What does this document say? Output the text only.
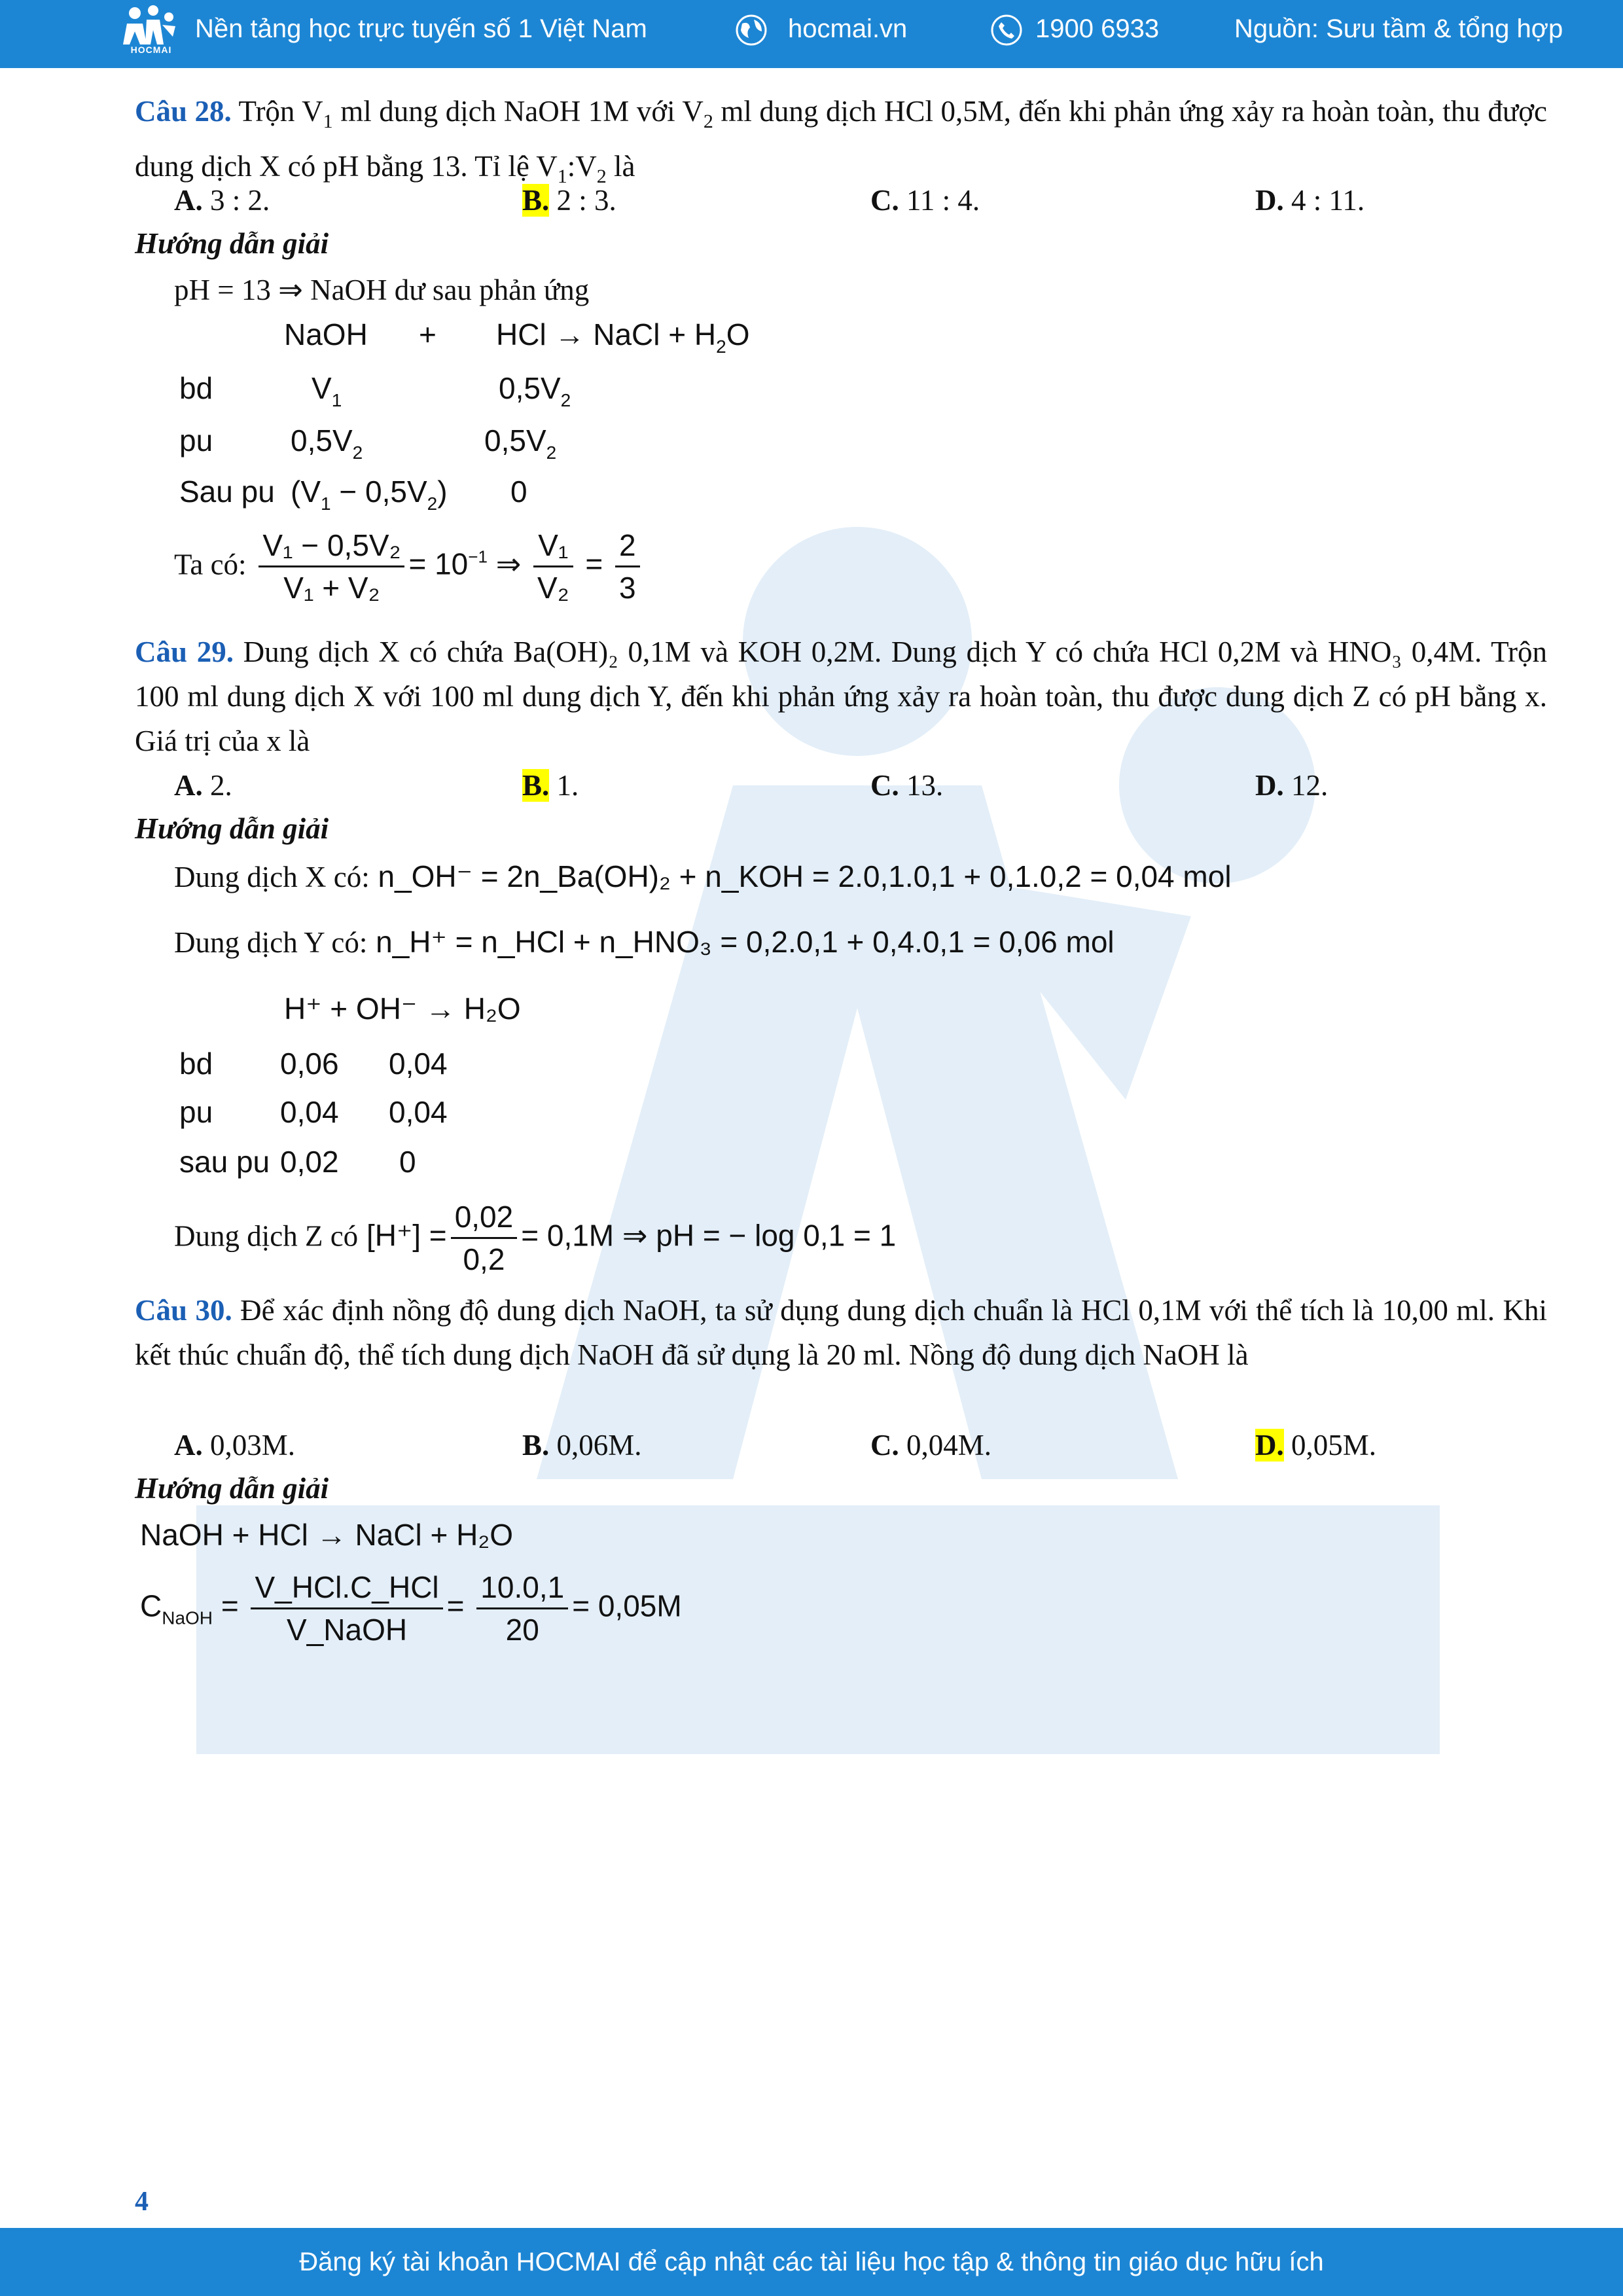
HOCMAI
Nền tảng học trực tuyến số 1 Việt Nam	hocmai.vn	1900 6933	Nguồn: Sưu tầm & tổng hợp
Câu 28. Trộn $V_1$ ml dung dịch NaOH 1M với $V_2$ ml dung dịch HCl 0,5M, đến khi phản ứng xảy ra hoàn toàn, thu được dung dịch X có pH bằng 13. Tỉ lệ $V_1:V_2$ là
A. 3 : 2.	B. 2 : 3.	C. 11 : 4.	D. 4 : 11.
Hướng dẫn giải
pH = 13 ⇒ NaOH dư sau phản ứng
NaOH + HCl → NaCl + $H_2O$
bd	$V_1$	$0,5V_2$
pu	$0,5V_2$	$0,5V_2$
Sau pu $(V_1 - 0,5V_2)$ 0
Ta có: $\frac{\text{V₁ − 0,5V₂}}{\text{V₁ + V₂}} = 10^{-1}$ ⇒ $\frac{\text{V₁}}{\text{V₂}} = \frac{2}{3}$
Câu 29. Dung dịch X có chứa Ba(OH)₂ 0,1M và KOH 0,2M. Dung dịch Y có chứa HCl 0,2M và HNO₃ 0,4M. Trộn 100 ml dung dịch X với 100 ml dung dịch Y, đến khi phản ứng xảy ra hoàn toàn, thu được dung dịch Z có pH bằng x. Giá trị của x là
A. 2.	B. 1.	C. 13.	D. 12.
Hướng dẫn giải
Dung dịch X có: n_OH⁻ = 2n_Ba(OH)₂ + n_KOH = 2.0,1.0,1 + 0,1.0,2 = 0,04 mol
Dung dịch Y có: n_H⁺ = n_HCl + n_HNO₃ = 0,2.0,1 + 0,4.0,1 = 0,06 mol
H⁺ + OH⁻ → H₂O
bd 0,06 0,04
pu 0,04 0,04
sau pu 0,02 0
Dung dịch Z có $[H^+] = \frac{0,02}{0,2} = 0,1M$ ⇒ pH = − log 0,1 = 1
Câu 30. Để xác định nồng độ dung dịch NaOH, ta sử dụng dung dịch chuẩn là HCl 0,1M với thể tích là 10,00 ml. Khi kết thúc chuẩn độ, thể tích dung dịch NaOH đã sử dụng là 20 ml. Nồng độ dung dịch NaOH là
A. 0,03M.	B. 0,06M.	C. 0,04M.	D. 0,05M.
Hướng dẫn giải
NaOH + HCl → NaCl + H₂O
$C_{NaOH} = \frac{\text{V\_HCl.C\_HCl}}{\text{V\_NaOH}} = \frac{10.0,1}{20} = 0,05M$
4
Đăng ký tài khoản HOCMAI để cập nhật các tài liệu học tập & thông tin giáo dục hữu ích
